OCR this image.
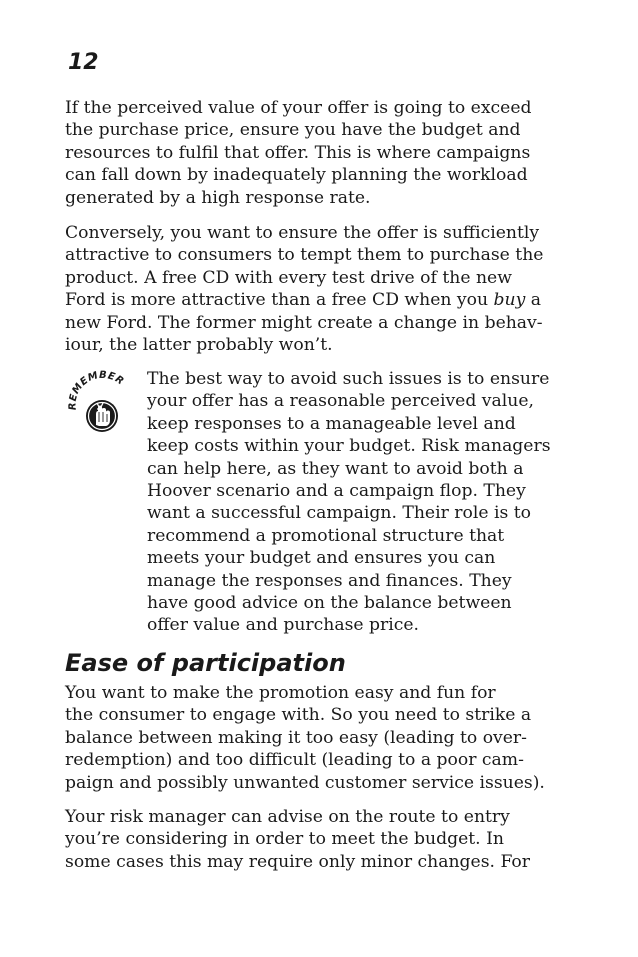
12
If the perceived value of your offer is going to exceed
the purchase price, ensure you have the budget and
resources to fulfil that offer. This is where campaigns
can fall down by inadequately planning the workload
generated by a high response rate.
Conversely, you want to ensure the offer is sufficiently
attractive to consumers to tempt them to purchase the
product. A free CD with every test drive of the new
Ford is more attractive than a free CD when you buy a
new Ford. The former might create a change in behav-
iour, the latter probably won’t.
REMEMBER The best way to avoid such issues is to ensure
your offer has a reasonable perceived value,
keep responses to a manageable level and
keep costs within your budget. Risk managers
can help here, as they want to avoid both a
Hoover scenario and a campaign flop. They
want a successful campaign. Their role is to
recommend a promotional structure that
meets your budget and ensures you can
manage the responses and finances. They
have good advice on the balance between
offer value and purchase price.
Ease of participation
You want to make the promotion easy and fun for
the consumer to engage with. So you need to strike a
balance between making it too easy (leading to over-
redemption) and too difficult (leading to a poor cam-
paign and possibly unwanted customer service issues).
Your risk manager can advise on the route to entry
you’re considering in order to meet the budget. In
some cases this may require only minor changes. For
